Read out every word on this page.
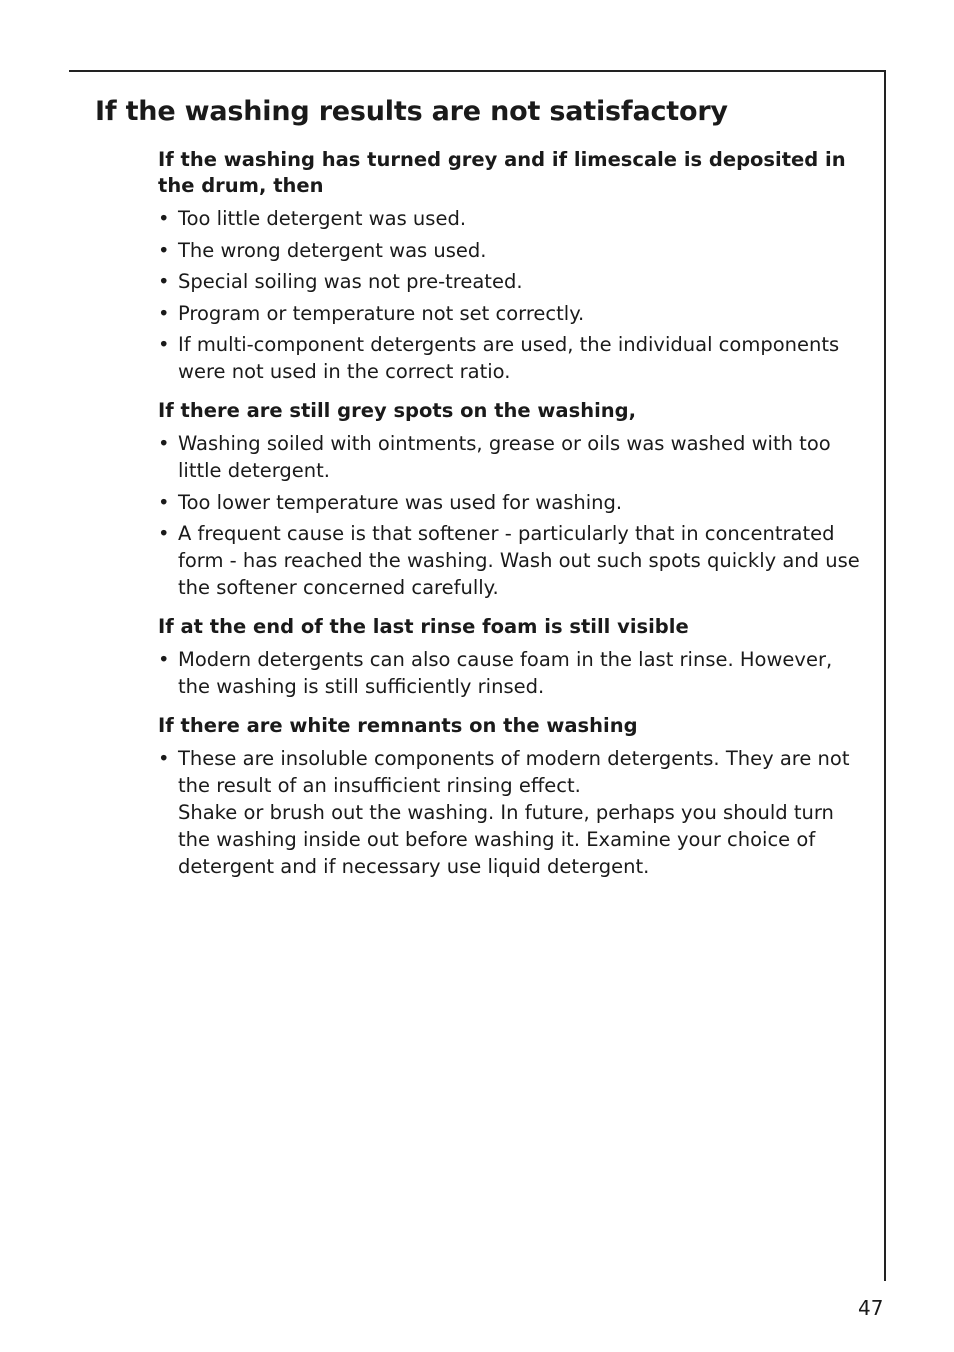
If the washing results are not satisfactory
If the washing has turned grey and if limescale is deposited in the drum, then
• Too little detergent was used.
• The wrong detergent was used.
• Special soiling was not pre-treated.
• Program or temperature not set correctly.
• If multi-component detergents are used, the individual components were not used in the correct ratio.
If there are still grey spots on the washing,
• Washing soiled with ointments, grease or oils was washed with too little detergent.
• Too lower temperature was used for washing.
• A frequent cause is that softener - particularly that in concentrated form - has reached the washing. Wash out such spots quickly and use the softener concerned carefully.
If at the end of the last rinse foam is still visible
• Modern detergents can also cause foam in the last rinse. However, the washing is still sufficiently rinsed.
If there are white remnants on the washing
• These are insoluble components of modern detergents. They are not the result of an insufficient rinsing effect.
Shake or brush out the washing. In future, perhaps you should turn the washing inside out before washing it. Examine your choice of detergent and if necessary use liquid detergent.
47
